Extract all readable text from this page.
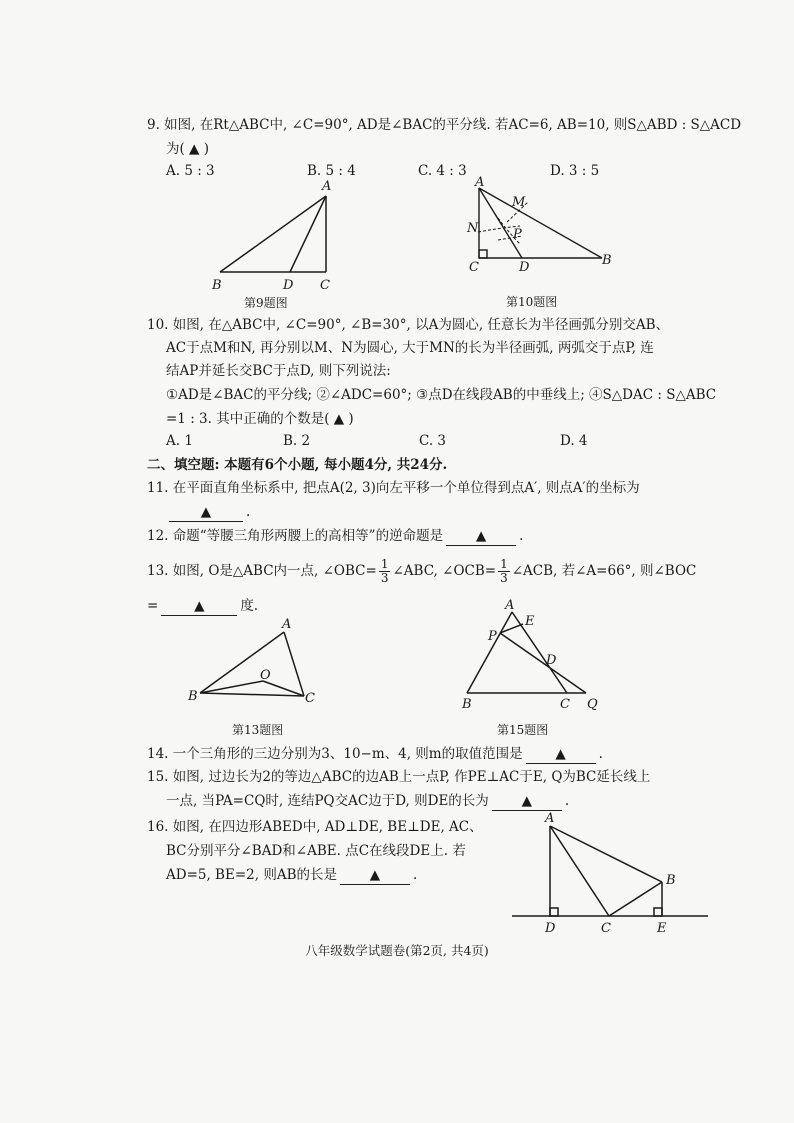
9. 如图, 在Rt△ABC中, ∠C=90°, AD是∠BAC的平分线. 若AC=6, AB=10, 则S△ABD : S△ACD
为( ▲ )
A. 5 : 3	B. 5 : 4	C. 4 : 3	D. 3 : 5
A
B	D C
第9题图
A
M
N	P
C	D	B
第10题图
10. 如图, 在△ABC中, ∠C=90°, ∠B=30°, 以A为圆心, 任意长为半径画弧分别交AB、
AC于点M和N, 再分别以M、N为圆心, 大于MN的长为半径画弧, 两弧交于点P, 连
结AP并延长交BC于点D, 则下列说法:
①AD是∠BAC的平分线; ②∠ADC=60°; ③点D在线段AB的中垂线上; ④S△DAC : S△ABC
=1 : 3. 其中正确的个数是( ▲ )
A. 1	B. 2	C. 3	D. 4
二、填空题: 本题有6个小题, 每小题4分, 共24分.
11. 在平面直角坐标系中, 把点A(2, 3)向左平移一个单位得到点A′, 则点A′的坐标为
▲	.
12. 命题“等腰三角形两腰上的高相等”的逆命题是 ▲ .
13. 如图, O是△ABC内一点, ∠OBC= $\frac{1}{3}$ ∠ABC, ∠OCB= $\frac{1}{3}$ ∠ACB, 若∠A=66°, 则∠BOC
=	▲	度.
A
O
B	C
第13题图
A
E
P
D
B	C Q
第15题图
14. 一个三角形的三边分别为3、10−m、4, 则m的取值范围是 ▲ .
15. 如图, 过边长为2的等边△ABC的边AB上一点P, 作PE⊥AC于E, Q为BC延长线上
一点, 当PA=CQ时, 连结PQ交AC边于D, 则DE的长为 ▲ .
16. 如图, 在四边形ABED中, AD⊥DE, BE⊥DE, AC、
BC分别平分∠BAD和∠ABE. 点C在线段DE上. 若
AD=5, BE=2, 则AB的长是 ▲ .
A
B
D	C	E
八年级数学试题卷(第2页, 共4页)
